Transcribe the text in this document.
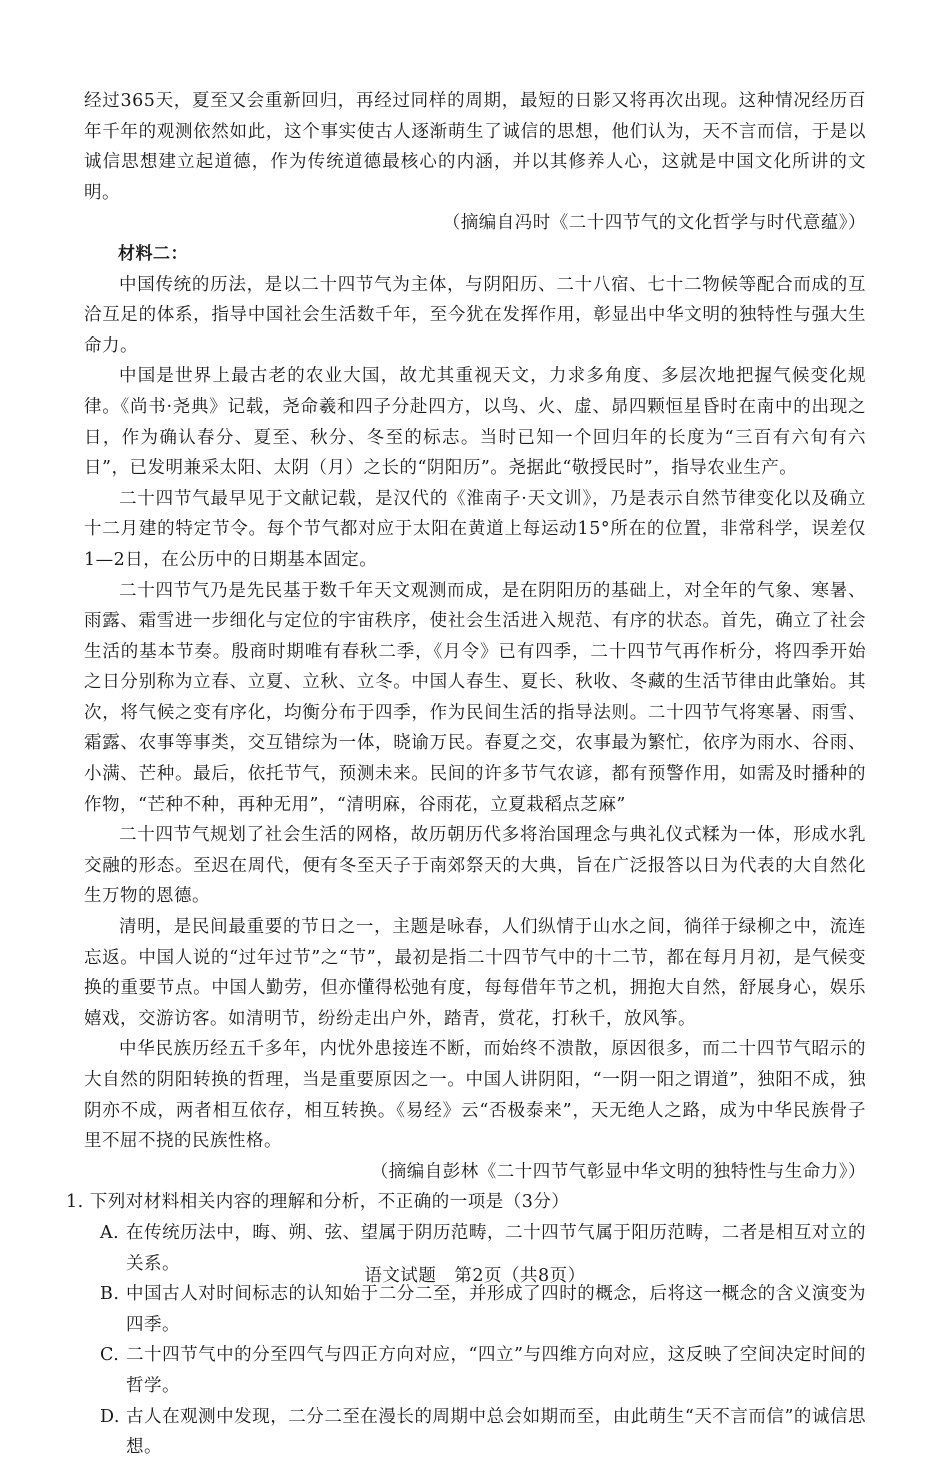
经过365天，夏至又会重新回归，再经过同样的周期，最短的日影又将再次出现。这种情况经历百年千年的观测依然如此，这个事实使古人逐渐萌生了诚信的思想，他们认为，天不言而信，于是以诚信思想建立起道德，作为传统道德最核心的内涵，并以其修养人心，这就是中国文化所讲的文明。

（摘编自冯时《二十四节气的文化哲学与时代意蕴》）

材料二：

中国传统的历法，是以二十四节气为主体，与阴阳历、二十八宿、七十二物候等配合而成的互洽互足的体系，指导中国社会生活数千年，至今犹在发挥作用，彰显出中华文明的独特性与强大生命力。

中国是世界上最古老的农业大国，故尤其重视天文，力求多角度、多层次地把握气候变化规律。《尚书·尧典》记载，尧命羲和四子分赴四方，以鸟、火、虚、昴四颗恒星昏时在南中的出现之日，作为确认春分、夏至、秋分、冬至的标志。当时已知一个回归年的长度为“三百有六旬有六日”，已发明兼采太阳、太阴（月）之长的“阴阳历”。尧据此“敬授民时”，指导农业生产。

二十四节气最早见于文献记载，是汉代的《淮南子·天文训》，乃是表示自然节律变化以及确立十二月建的特定节令。每个节气都对应于太阳在黄道上每运动15°所在的位置，非常科学，误差仅1—2日，在公历中的日期基本固定。

二十四节气乃是先民基于数千年天文观测而成，是在阴阳历的基础上，对全年的气象、寒暑、雨露、霜雪进一步细化与定位的宇宙秩序，使社会生活进入规范、有序的状态。首先，确立了社会生活的基本节奏。殷商时期唯有春秋二季，《月令》已有四季，二十四节气再作析分，将四季开始之日分别称为立春、立夏、立秋、立冬。中国人春生、夏长、秋收、冬藏的生活节律由此肇始。其次，将气候之变有序化，均衡分布于四季，作为民间生活的指导法则。二十四节气将寒暑、雨雪、霜露、农事等事类，交互错综为一体，晓谕万民。春夏之交，农事最为繁忙，依序为雨水、谷雨、小满、芒种。最后，依托节气，预测未来。民间的许多节气农谚，都有预警作用，如需及时播种的作物，“芒种不种，再种无用”，“清明麻，谷雨花，立夏栽稻点芝麻”

二十四节气规划了社会生活的网格，故历朝历代多将治国理念与典礼仪式糅为一体，形成水乳交融的形态。至迟在周代，便有冬至天子于南郊祭天的大典，旨在广泛报答以日为代表的大自然化生万物的恩德。

清明，是民间最重要的节日之一，主题是咏春，人们纵情于山水之间，徜徉于绿柳之中，流连忘返。中国人说的“过年过节”之“节”，最初是指二十四节气中的十二节，都在每月月初，是气候变换的重要节点。中国人勤劳，但亦懂得松弛有度，每每借年节之机，拥抱大自然，舒展身心，娱乐嬉戏，交游访客。如清明节，纷纷走出户外，踏青，赏花，打秋千，放风筝。

中华民族历经五千多年，内忧外患接连不断，而始终不溃散，原因很多，而二十四节气昭示的大自然的阴阳转换的哲理，当是重要原因之一。中国人讲阴阳，“一阴一阳之谓道”，独阳不成，独阴亦不成，两者相互依存，相互转换。《易经》云“否极泰来”，天无绝人之路，成为中华民族骨子里不屈不挠的民族性格。

（摘编自彭林《二十四节气彰显中华文明的独特性与生命力》）

1. 下列对材料相关内容的理解和分析，不正确的一项是（3分）

A. 在传统历法中，晦、朔、弦、望属于阴历范畴，二十四节气属于阳历范畴，二者是相互对立的关系。

B. 中国古人对时间标志的认知始于二分二至，并形成了四时的概念，后将这一概念的含义演变为四季。

C. 二十四节气中的分至四气与四正方向对应，“四立”与四维方向对应，这反映了空间决定时间的哲学。

D. 古人在观测中发现，二分二至在漫长的周期中总会如期而至，由此萌生“天不言而信”的诚信思想。

语文试题　第2页（共8页）
